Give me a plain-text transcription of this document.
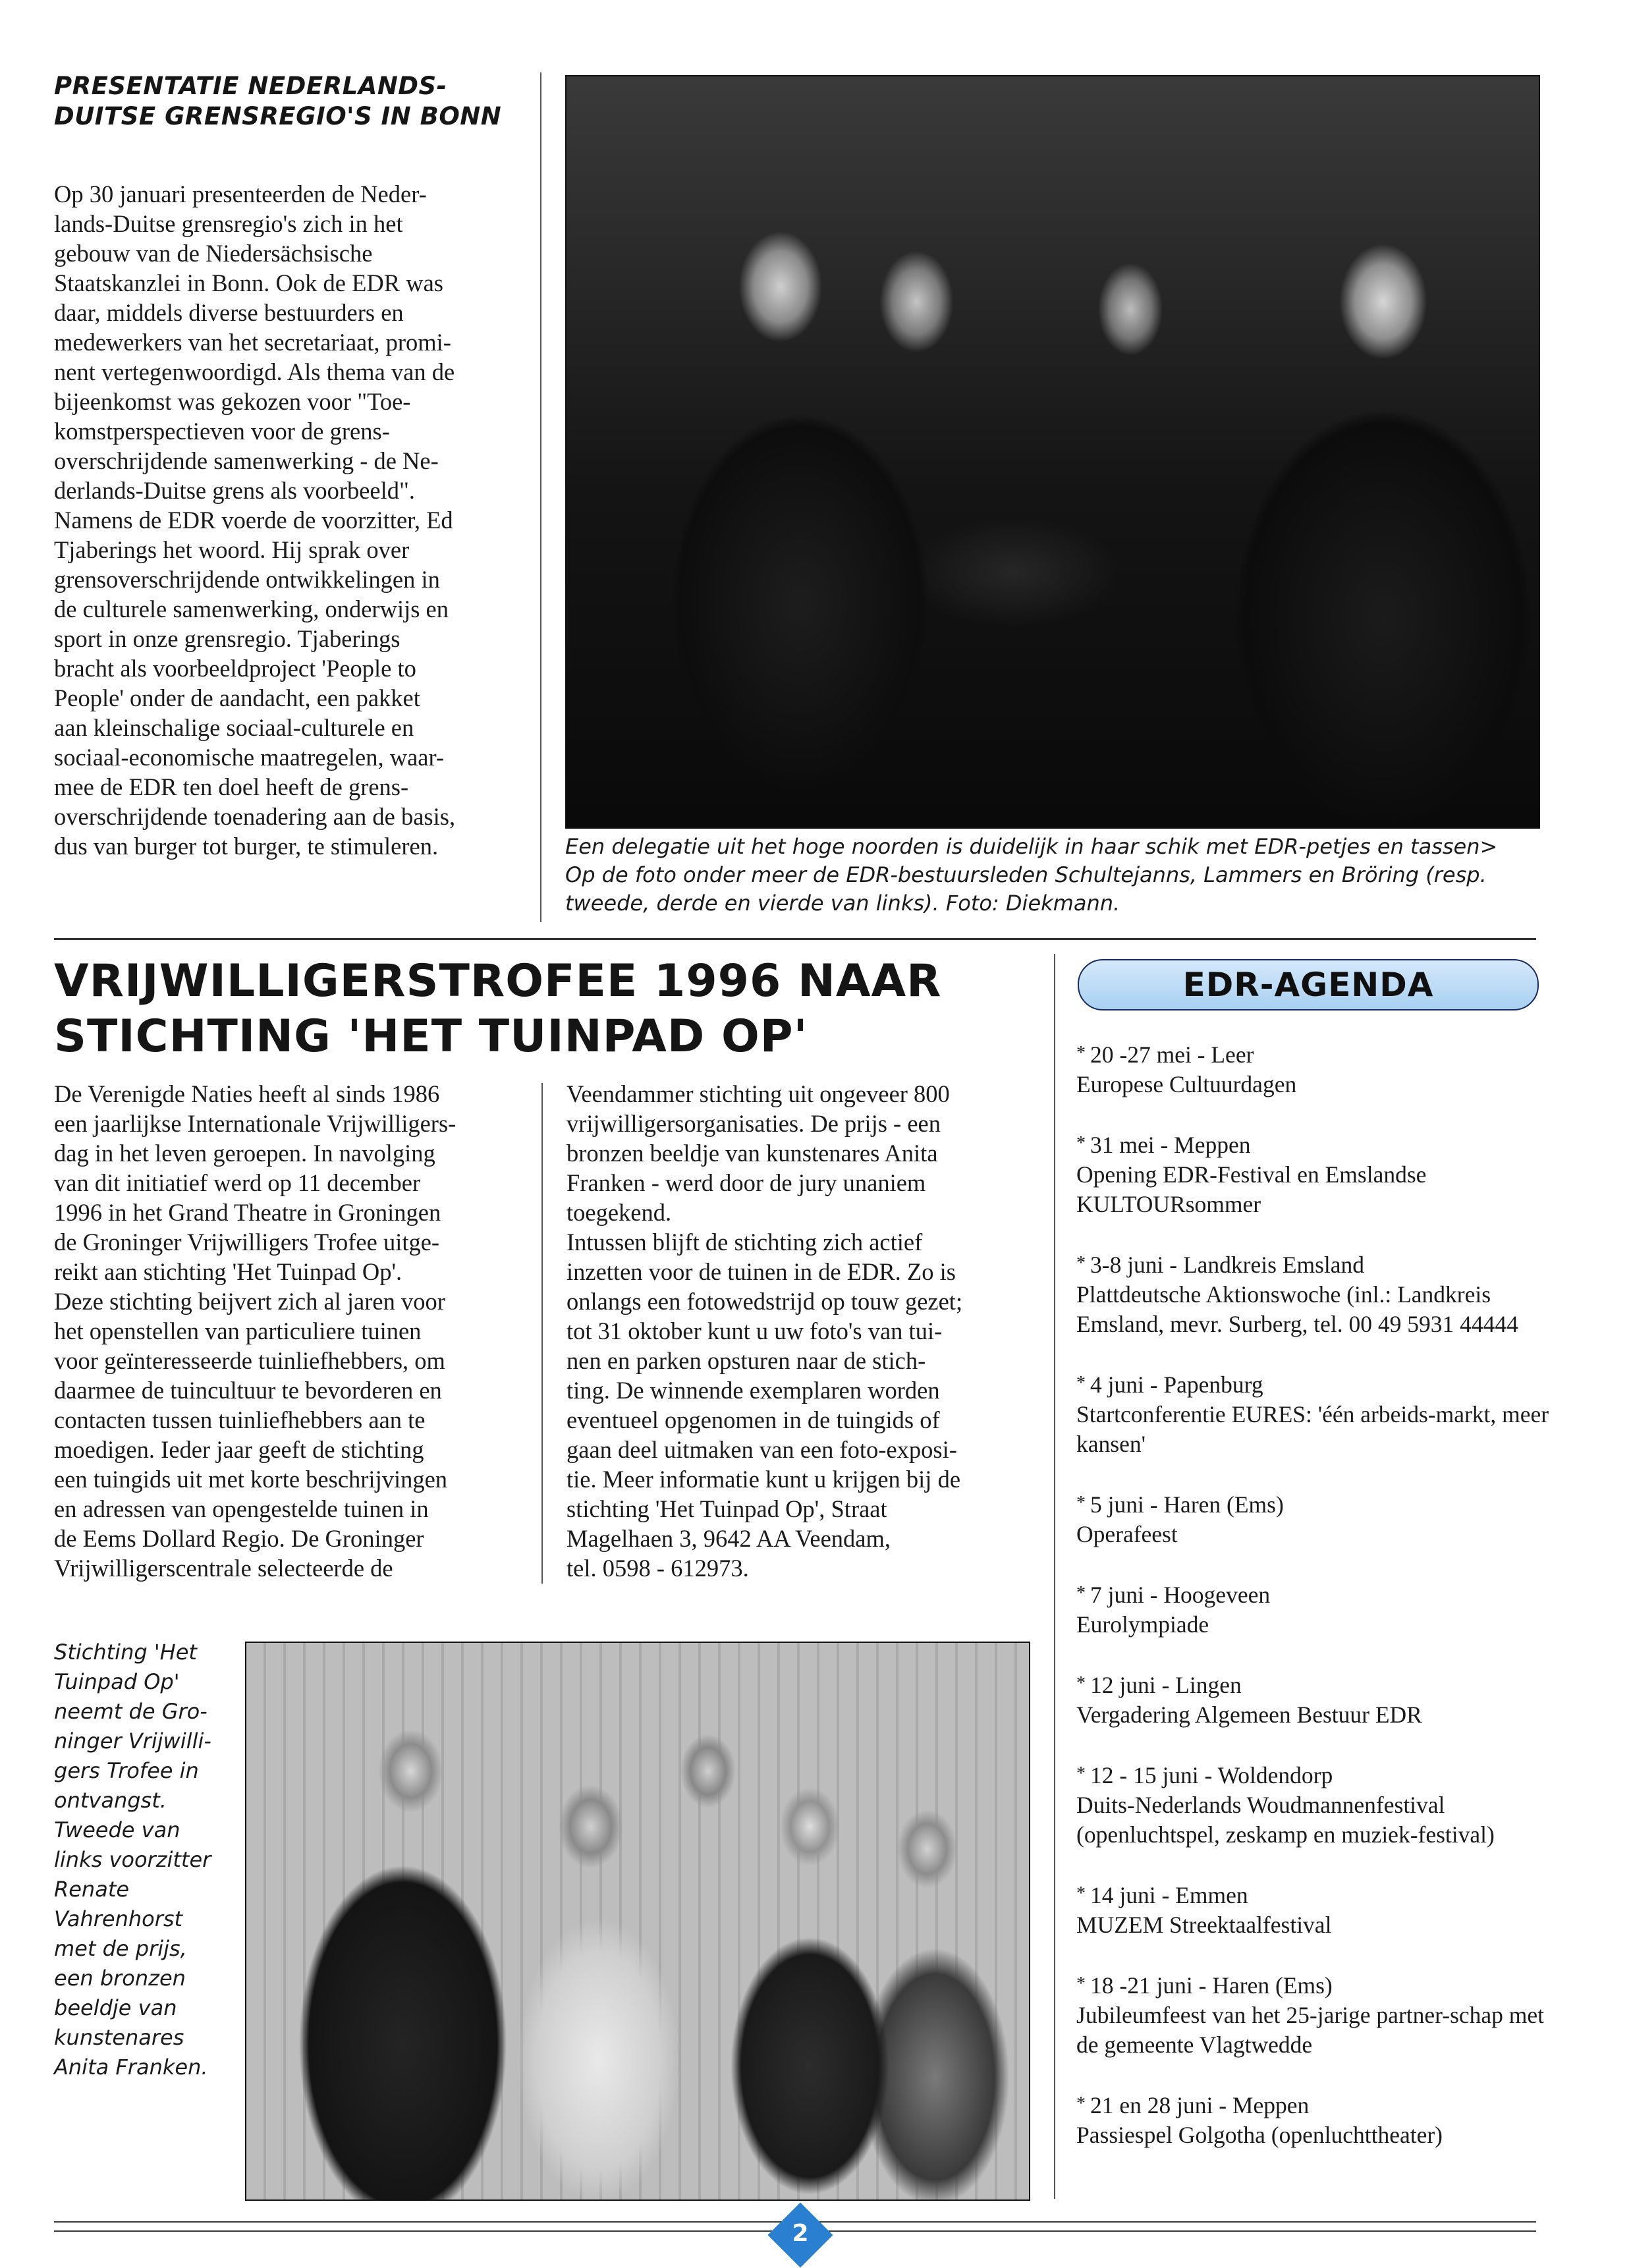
PRESENTATIE NEDERLANDS-
DUITSE GRENSREGIO'S IN BONN
Op 30 januari presenteerden de Neder-
lands-Duitse grensregio's zich in het
gebouw van de Niedersächsische
Staatskanzlei in Bonn. Ook de EDR was
daar, middels diverse bestuurders en
medewerkers van het secretariaat, promi-
nent vertegenwoordigd. Als thema van de
bijeenkomst was gekozen voor "Toe-
komstperspectieven voor de grens-
overschrijdende samenwerking - de Ne-
derlands-Duitse grens als voorbeeld".
Namens de EDR voerde de voorzitter, Ed
Tjaberings het woord. Hij sprak over
grensoverschrijdende ontwikkelingen in
de culturele samenwerking, onderwijs en
sport in onze grensregio. Tjaberings
bracht als voorbeeldproject 'People to
People' onder de aandacht, een pakket
aan kleinschalige sociaal-culturele en
sociaal-economische maatregelen, waar-
mee de EDR ten doel heeft de grens-
overschrijdende toenadering aan de basis,
dus van burger tot burger, te stimuleren.	Een delegatie uit het hoge noorden is duidelijk in haar schik met EDR-petjes en tassen> Op de foto onder meer de EDR-bestuursleden Schultejanns, Lammers en Bröring (resp. tweede, derde en vierde van links). Foto: Diekmann.
VRIJWILLIGERSTROFEE 1996 NAAR
STICHTING 'HET TUINPAD OP'
De Verenigde Naties heeft al sinds 1986
een jaarlijkse Internationale Vrijwilligers-
dag in het leven geroepen. In navolging
van dit initiatief werd op 11 december
1996 in het Grand Theatre in Groningen
de Groninger Vrijwilligers Trofee uitge-
reikt aan stichting 'Het Tuinpad Op'.
Deze stichting beijvert zich al jaren voor
het openstellen van particuliere tuinen
voor geïnteresseerde tuinliefhebbers, om
daarmee de tuincultuur te bevorderen en
contacten tussen tuinliefhebbers aan te
moedigen. Ieder jaar geeft de stichting
een tuingids uit met korte beschrijvingen
en adressen van opengestelde tuinen in
de Eems Dollard Regio. De Groninger
Vrijwilligerscentrale selecteerde de
Veendammer stichting uit ongeveer 800
vrijwilligersorganisaties. De prijs - een
bronzen beeldje van kunstenares Anita
Franken - werd door de jury unaniem
toegekend.
Intussen blijft de stichting zich actief
inzetten voor de tuinen in de EDR. Zo is
onlangs een fotowedstrijd op touw gezet;
tot 31 oktober kunt u uw foto's van tui-
nen en parken opsturen naar de stich-
ting. De winnende exemplaren worden
eventueel opgenomen in de tuingids of
gaan deel uitmaken van een foto-exposi-
tie. Meer informatie kunt u krijgen bij de
stichting 'Het Tuinpad Op', Straat
Magelhaen 3, 9642 AA Veendam,
tel. 0598 - 612973.
Stichting 'Het
Tuinpad Op'
neemt de Gro-
ninger Vrijwilli-
gers Trofee in
ontvangst.
Tweede van
links voorzitter
Renate
Vahrenhorst
met de prijs,
een bronzen
beeldje van
kunstenares
Anita Franken.
EDR-AGENDA
* 20 -27 mei - Leer
Europese Cultuurdagen
* 31 mei - Meppen
Opening EDR-Festival en Emslandse KULTOURsommer
* 3-8 juni - Landkreis Emsland
Plattdeutsche Aktionswoche (inl.: Landkreis Emsland, mevr. Surberg, tel. 00 49 5931 44444
* 4 juni - Papenburg
Startconferentie EURES: 'één arbeids-markt, meer kansen'
* 5 juni - Haren (Ems)
Operafeest
* 7 juni - Hoogeveen
Eurolympiade
* 12 juni - Lingen
Vergadering Algemeen Bestuur EDR
* 12 - 15 juni - Woldendorp
Duits-Nederlands Woudmannenfestival (openluchtspel, zeskamp en muziek-festival)
* 14 juni - Emmen
MUZEM Streektaalfestival
* 18 -21 juni - Haren (Ems)
Jubileumfeest van het 25-jarige partner-schap met de gemeente Vlagtwedde
* 21 en 28 juni - Meppen
Passiespel Golgotha (openluchttheater)
2
